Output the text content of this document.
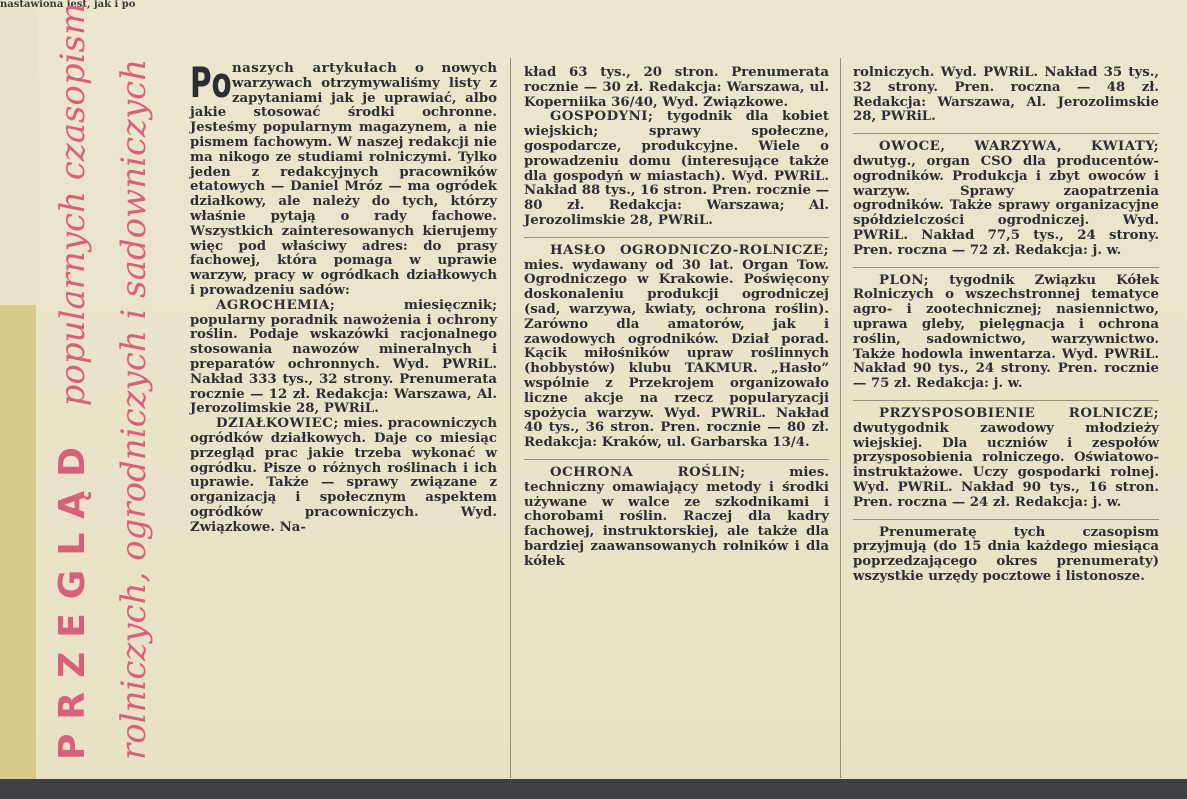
nastawiona jest, jak i po
PRZEGLĄD popularnych czasopism rolniczych, ogrodniczych i sadowniczych Po naszych artykułach o nowych warzywach otrzymywaliśmy listy z zapytaniami jak je uprawiać, albo jakie stosować środki ochronne. Jesteśmy popularnym magazynem, a nie pismem fachowym. W naszej redakcji nie ma nikogo ze studiami rolniczymi. Tylko jeden z redakcyjnych pracowników etatowych — Daniel Mróz — ma ogródek działkowy, ale należy do tych, którzy właśnie pytają o rady fachowe. Wszystkich zainteresowanych kierujemy więc pod właściwy adres: do prasy fachowej, która pomaga w uprawie warzyw, pracy w ogródkach działkowych i prowadzeniu sadów:

AGROCHEMIA; miesięcznik; popularny poradnik nawożenia i ochrony roślin. Podaje wskazówki racjonalnego stosowania nawozów mineralnych i preparatów ochronnych. Wyd. PWRiL. Nakład 333 tys., 32 strony. Prenumerata rocznie — 12 zł. Redakcja: Warszawa, Al. Jerozolimskie 28, PWRiL.

DZIAŁKOWIEC; mies. pracowniczych ogródków działkowych. Daje co miesiąc przegląd prac jakie trzeba wykonać w ogródku. Pisze o różnych roślinach i ich uprawie. Także — sprawy związane z organizacją i społecznym aspektem ogródków pracowniczych. Wyd. Związkowe. Na-

kład 63 tys., 20 stron. Prenumerata rocznie — 30 zł. Redakcja: Warszawa, ul. Koperniika 36/40, Wyd. Związkowe.

GOSPODYNI; tygodnik dla kobiet wiejskich; sprawy społeczne, gospodarcze, produkcyjne. Wiele o prowadzeniu domu (interesujące także dla gospodyń w miastach). Wyd. PWRiL. Nakład 88 tys., 16 stron. Pren. rocznie — 80 zł. Redakcja: Warszawa; Al. Jerozolimskie 28, PWRiL.

HASŁO OGRODNICZO-ROLNICZE; mies. wydawany od 30 lat. Organ Tow. Ogrodniczego w Krakowie. Poświęcony doskonaleniu produkcji ogrodniczej (sad, warzywa, kwiaty, ochrona roślin). Zarówno dla amatorów, jak i zawodowych ogrodników. Dział porad. Kącik miłośników upraw roślinnych (hobbystów) klubu TAKMUR. „Hasło” wspólnie z Przekrojem organizowało liczne akcje na rzecz popularyzacji spożycia warzyw. Wyd. PWRiL. Nakład 40 tys., 36 stron. Pren. rocznie — 80 zł. Redakcja: Kraków, ul. Garbarska 13/4.

OCHRONA ROŚLIN; mies. techniczny omawiający metody i środki używane w walce ze szkodnikami i chorobami roślin. Raczej dla kadry fachowej, instruktorskiej, ale także dla bardziej zaawansowanych rolników i dla kółek

rolniczych. Wyd. PWRiL. Nakład 35 tys., 32 strony. Pren. roczna — 48 zł. Redakcja: Warszawa, Al. Jerozolimskie 28, PWRiL.

OWOCE, WARZYWA, KWIATY; dwutyg., organ CSO dla producentów-ogrodników. Produkcja i zbyt owoców i warzyw. Sprawy zaopatrzenia ogrodników. Także sprawy organizacyjne spółdzielczości ogrodniczej. Wyd. PWRiL. Nakład 77,5 tys., 24 strony. Pren. roczna — 72 zł. Redakcja: j. w.

PLON; tygodnik Związku Kółek Rolniczych o wszechstronnej tematyce agro- i zootechnicznej; nasiennictwo, uprawa gleby, pielęgnacja i ochrona roślin, sadownictwo, warzywnictwo. Także hodowla inwentarza. Wyd. PWRiL. Nakład 90 tys., 24 strony. Pren. rocznie — 75 zł. Redakcja: j. w.

PRZYSPOSOBIENIE ROLNICZE; dwutygodnik zawodowy młodzieży wiejskiej. Dla uczniów i zespołów przysposobienia rolniczego. Oświatowo-instruktażowe. Uczy gospodarki rolnej. Wyd. PWRiL. Nakład 90 tys., 16 stron. Pren. roczna — 24 zł. Redakcja: j. w.

Prenumeratę tych czasopism przyjmują (do 15 dnia każdego miesiąca poprzedzającego okres prenumeraty) wszystkie urzędy pocztowe i listonosze.
